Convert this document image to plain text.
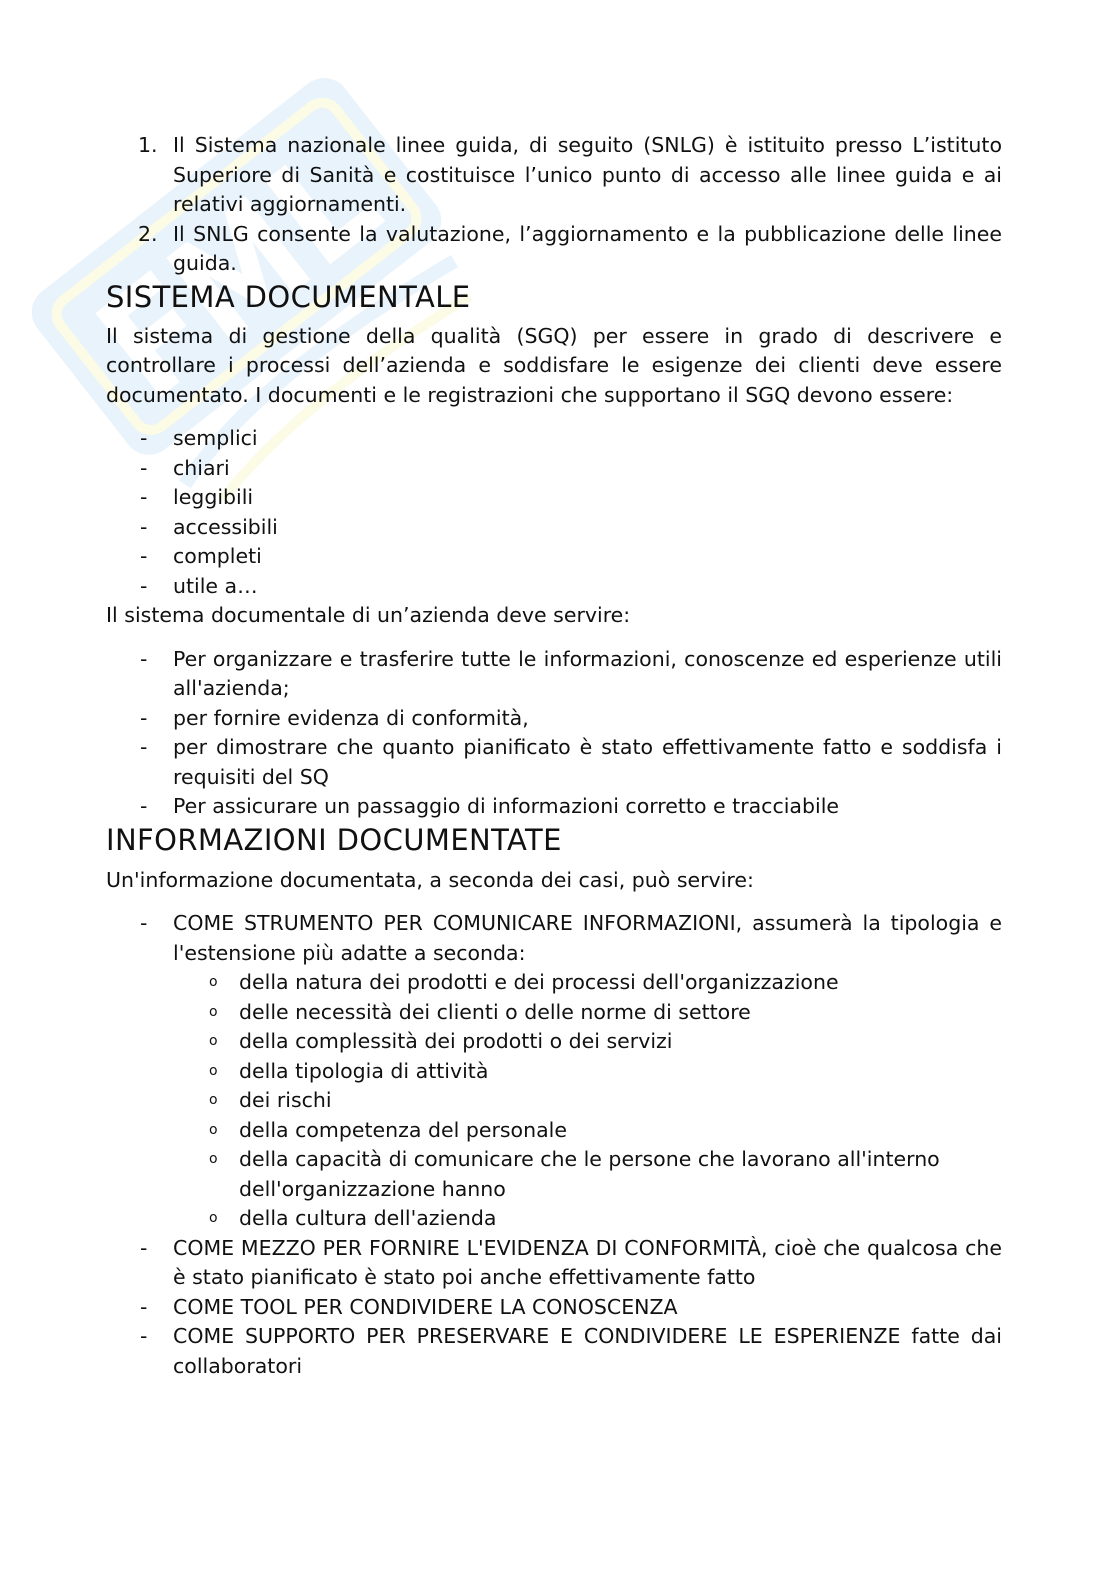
1. Il Sistema nazionale linee guida, di seguito (SNLG) è istituito presso L’istituto Superiore di Sanità e costituisce l’unico punto di accesso alle linee guida e ai relativi aggiornamenti.
2. Il SNLG consente la valutazione, l’aggiornamento e la pubblicazione delle linee guida.
SISTEMA DOCUMENTALE

Il sistema di gestione della qualità (SGQ) per essere in grado di descrivere e controllare i processi dell’azienda e soddisfare le esigenze dei clienti deve essere documentato. I documenti e le registrazioni che supportano il SGQ devono essere:

- semplici
- chiari
- leggibili
- accessibili
- completi
- utile a…

Il sistema documentale di un’azienda deve servire:

- Per organizzare e trasferire tutte le informazioni, conoscenze ed esperienze utili all'azienda;
- per fornire evidenza di conformità,
- per dimostrare che quanto pianificato è stato effettivamente fatto e soddisfa i requisiti del SQ
- Per assicurare un passaggio di informazioni corretto e tracciabile
INFORMAZIONI DOCUMENTATE

Un'informazione documentata, a seconda dei casi, può servire:

- COME STRUMENTO PER COMUNICARE INFORMAZIONI, assumerà la tipologia e l'estensione più adatte a seconda:
o della natura dei prodotti e dei processi dell'organizzazione
o delle necessità dei clienti o delle norme di settore
o della complessità dei prodotti o dei servizi
o della tipologia di attività
o dei rischi
o della competenza del personale
o della capacità di comunicare che le persone che lavorano all'interno dell'organizzazione hanno
o della cultura dell'azienda
- COME MEZZO PER FORNIRE L'EVIDENZA DI CONFORMITÀ, cioè che qualcosa che è stato pianificato è stato poi anche effettivamente fatto
- COME TOOL PER CONDIVIDERE LA CONOSCENZA
- COME SUPPORTO PER PRESERVARE E CONDIVIDERE LE ESPERIENZE fatte dai collaboratori
